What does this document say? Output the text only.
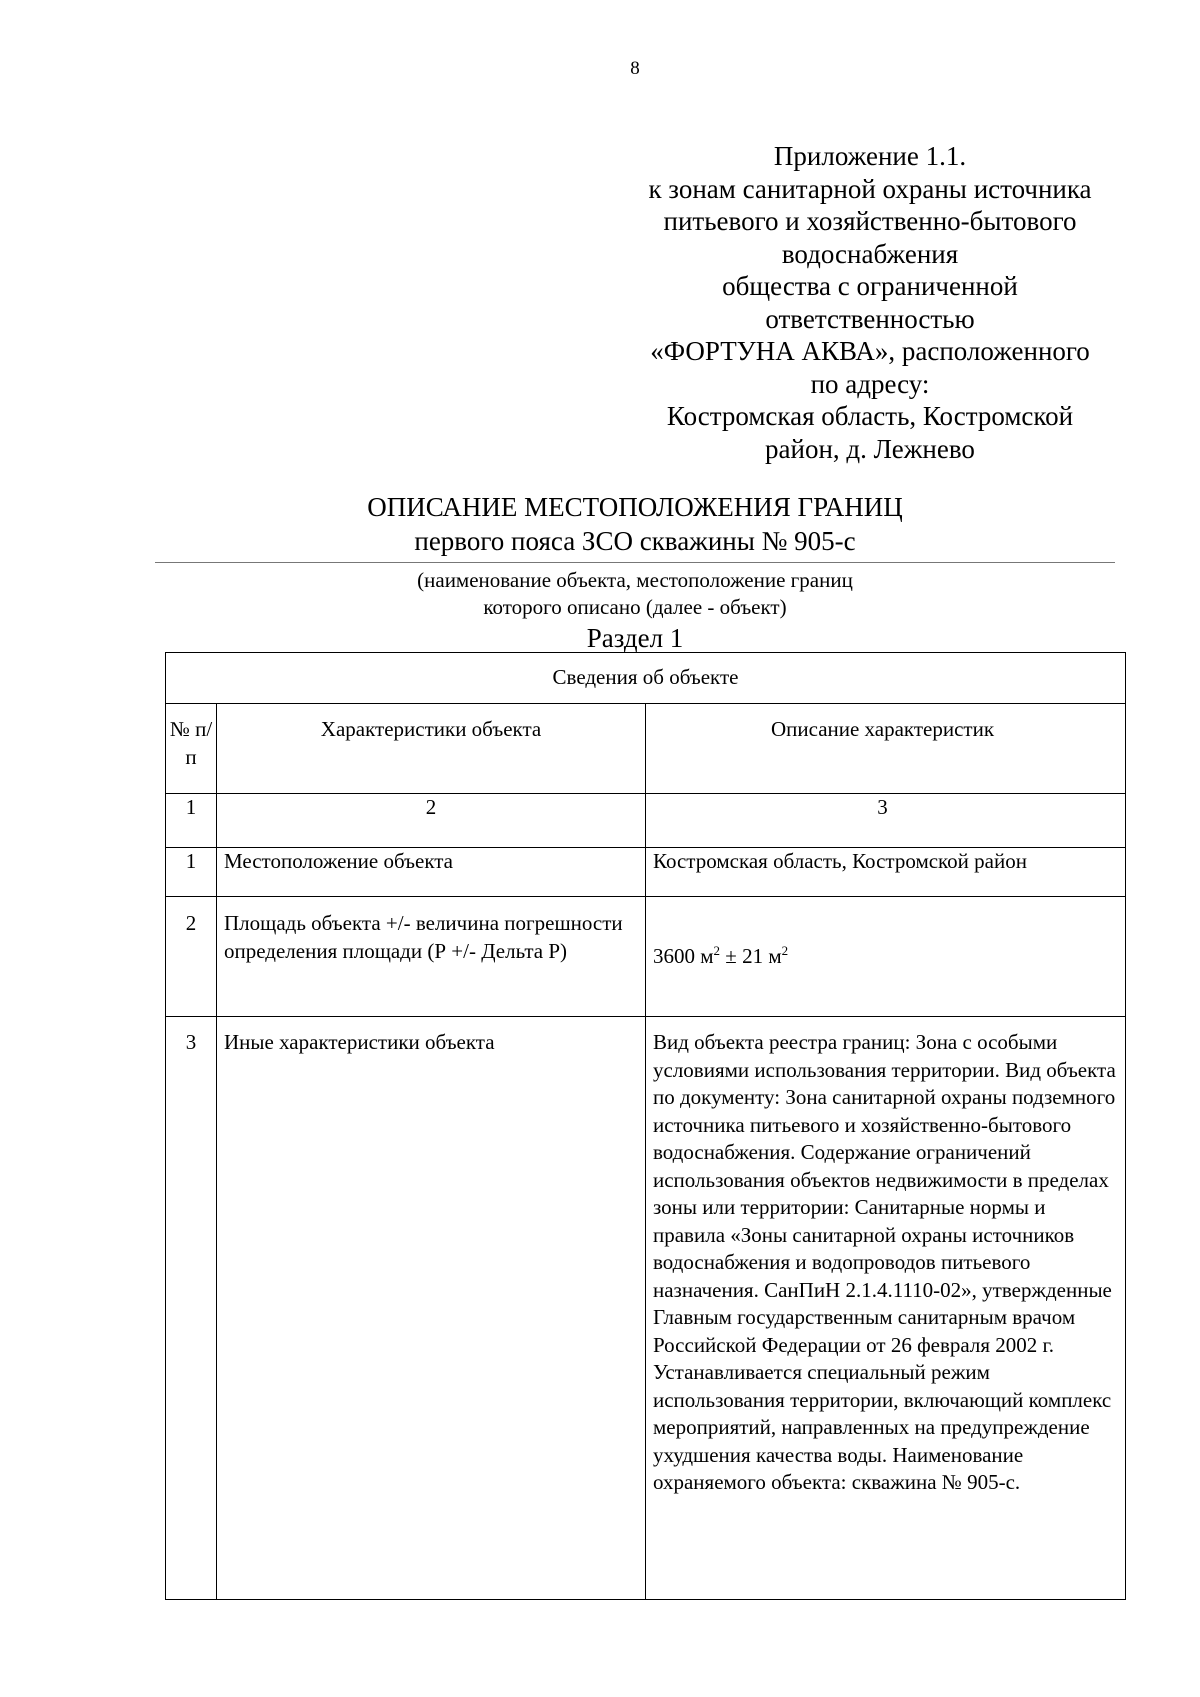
8
Приложение 1.1.
к зонам санитарной охраны источника
питьевого и хозяйственно-бытового
водоснабжения
общества с ограниченной
ответственностью
«ФОРТУНА АКВА», расположенного
по адресу:
Костромская область, Костромской
район, д. Лежнево
ОПИСАНИЕ МЕСТОПОЛОЖЕНИЯ ГРАНИЦ
первого пояса ЗСО скважины № 905-с
(наименование объекта, местоположение границ
которого описано (далее - объект)
Раздел 1
Сведения об объекте		
№ п/п	Характеристики объекта	Описание характеристик
1	2	3
1	Местоположение объекта	Костромская область, Костромской район
2	Площадь объекта +/- величина погрешности определения площади (Р +/- Дельта Р)	3600 $м^2 \pm 21$ $м^2$
3	Иные характеристики объекта	Вид объекта реестра границ: Зона с особыми условиями использования территории. Вид объекта по документу: Зона санитарной охраны подземного источника питьевого и хозяйственно-бытового водоснабжения. Содержание ограничений использования объектов недвижимости в пределах зоны или территории: Санитарные нормы и правила «Зоны санитарной охраны источников водоснабжения и водопроводов питьевого назначения. СанПиН 2.1.4.1110-02», утвержденные Главным государственным санитарным врачом Российской Федерации от 26 февраля 2002 г. Устанавливается специальный режим использования территории, включающий комплекс мероприятий, направленных на предупреждение ухудшения качества воды. Наименование охраняемого объекта: скважина № 905-с.
